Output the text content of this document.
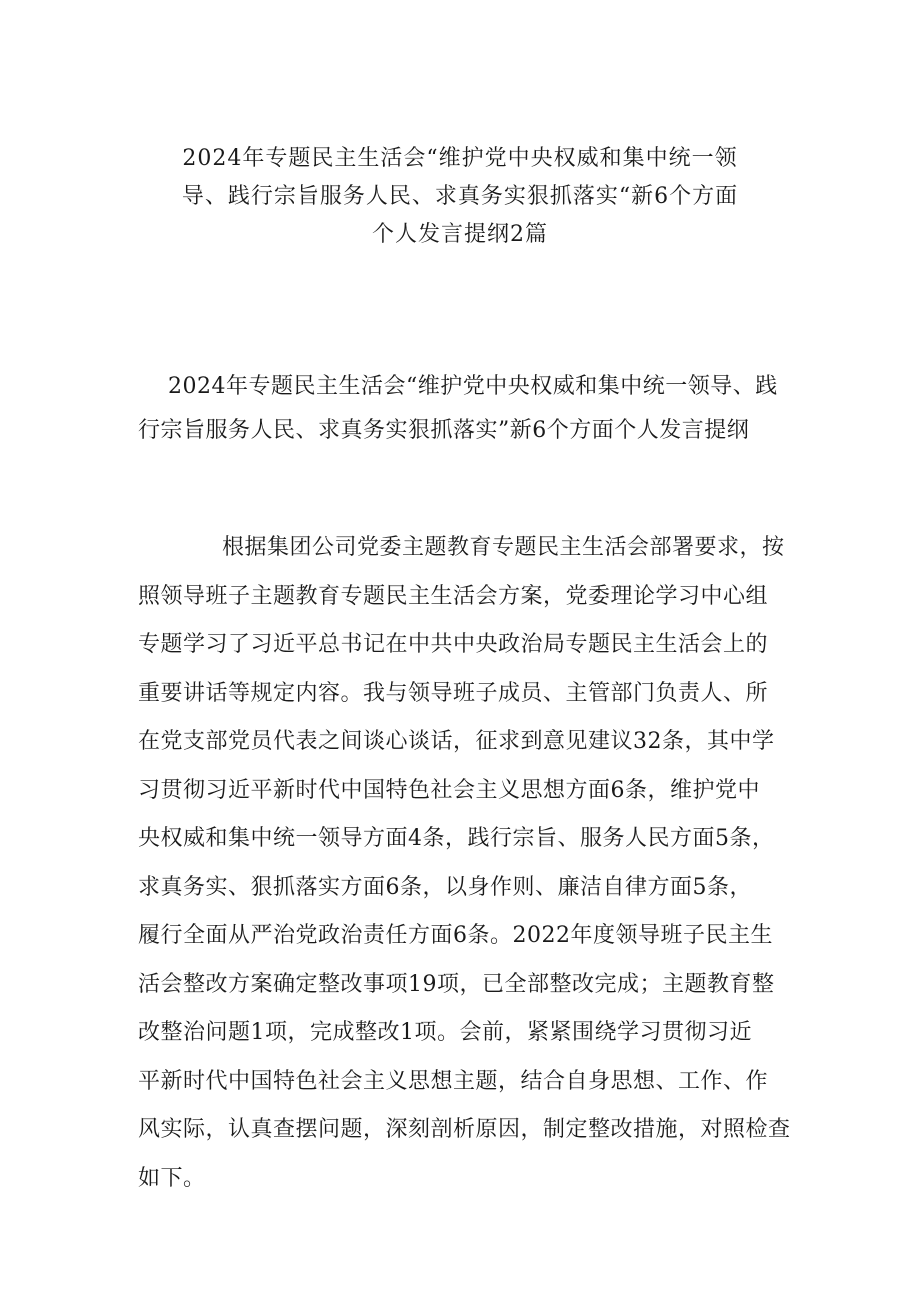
2024年专题民主生活会“维护党中央权威和集中统一领
导、践行宗旨服务人民、求真务实狠抓落实“新6个方面
个人发言提纲2篇
2024年专题民主生活会“维护党中央权威和集中统一领导、践
行宗旨服务人民、求真务实狠抓落实”新6个方面个人发言提纲
根据集团公司党委主题教育专题民主生活会部署要求，按
照领导班子主题教育专题民主生活会方案，党委理论学习中心组
专题学习了习近平总书记在中共中央政治局专题民主生活会上的
重要讲话等规定内容。我与领导班子成员、主管部门负责人、所
在党支部党员代表之间谈心谈话，征求到意见建议32条，其中学
习贯彻习近平新时代中国特色社会主义思想方面6条，维护党中
央权威和集中统一领导方面4条，践行宗旨、服务人民方面5条，
求真务实、狠抓落实方面6条，以身作则、廉洁自律方面5条，
履行全面从严治党政治责任方面6条。2022年度领导班子民主生
活会整改方案确定整改事项19项，已全部整改完成；主题教育整
改整治问题1项，完成整改1项。会前，紧紧围绕学习贯彻习近
平新时代中国特色社会主义思想主题，结合自身思想、工作、作
风实际，认真查摆问题，深刻剖析原因，制定整改措施，对照检查
如下。
